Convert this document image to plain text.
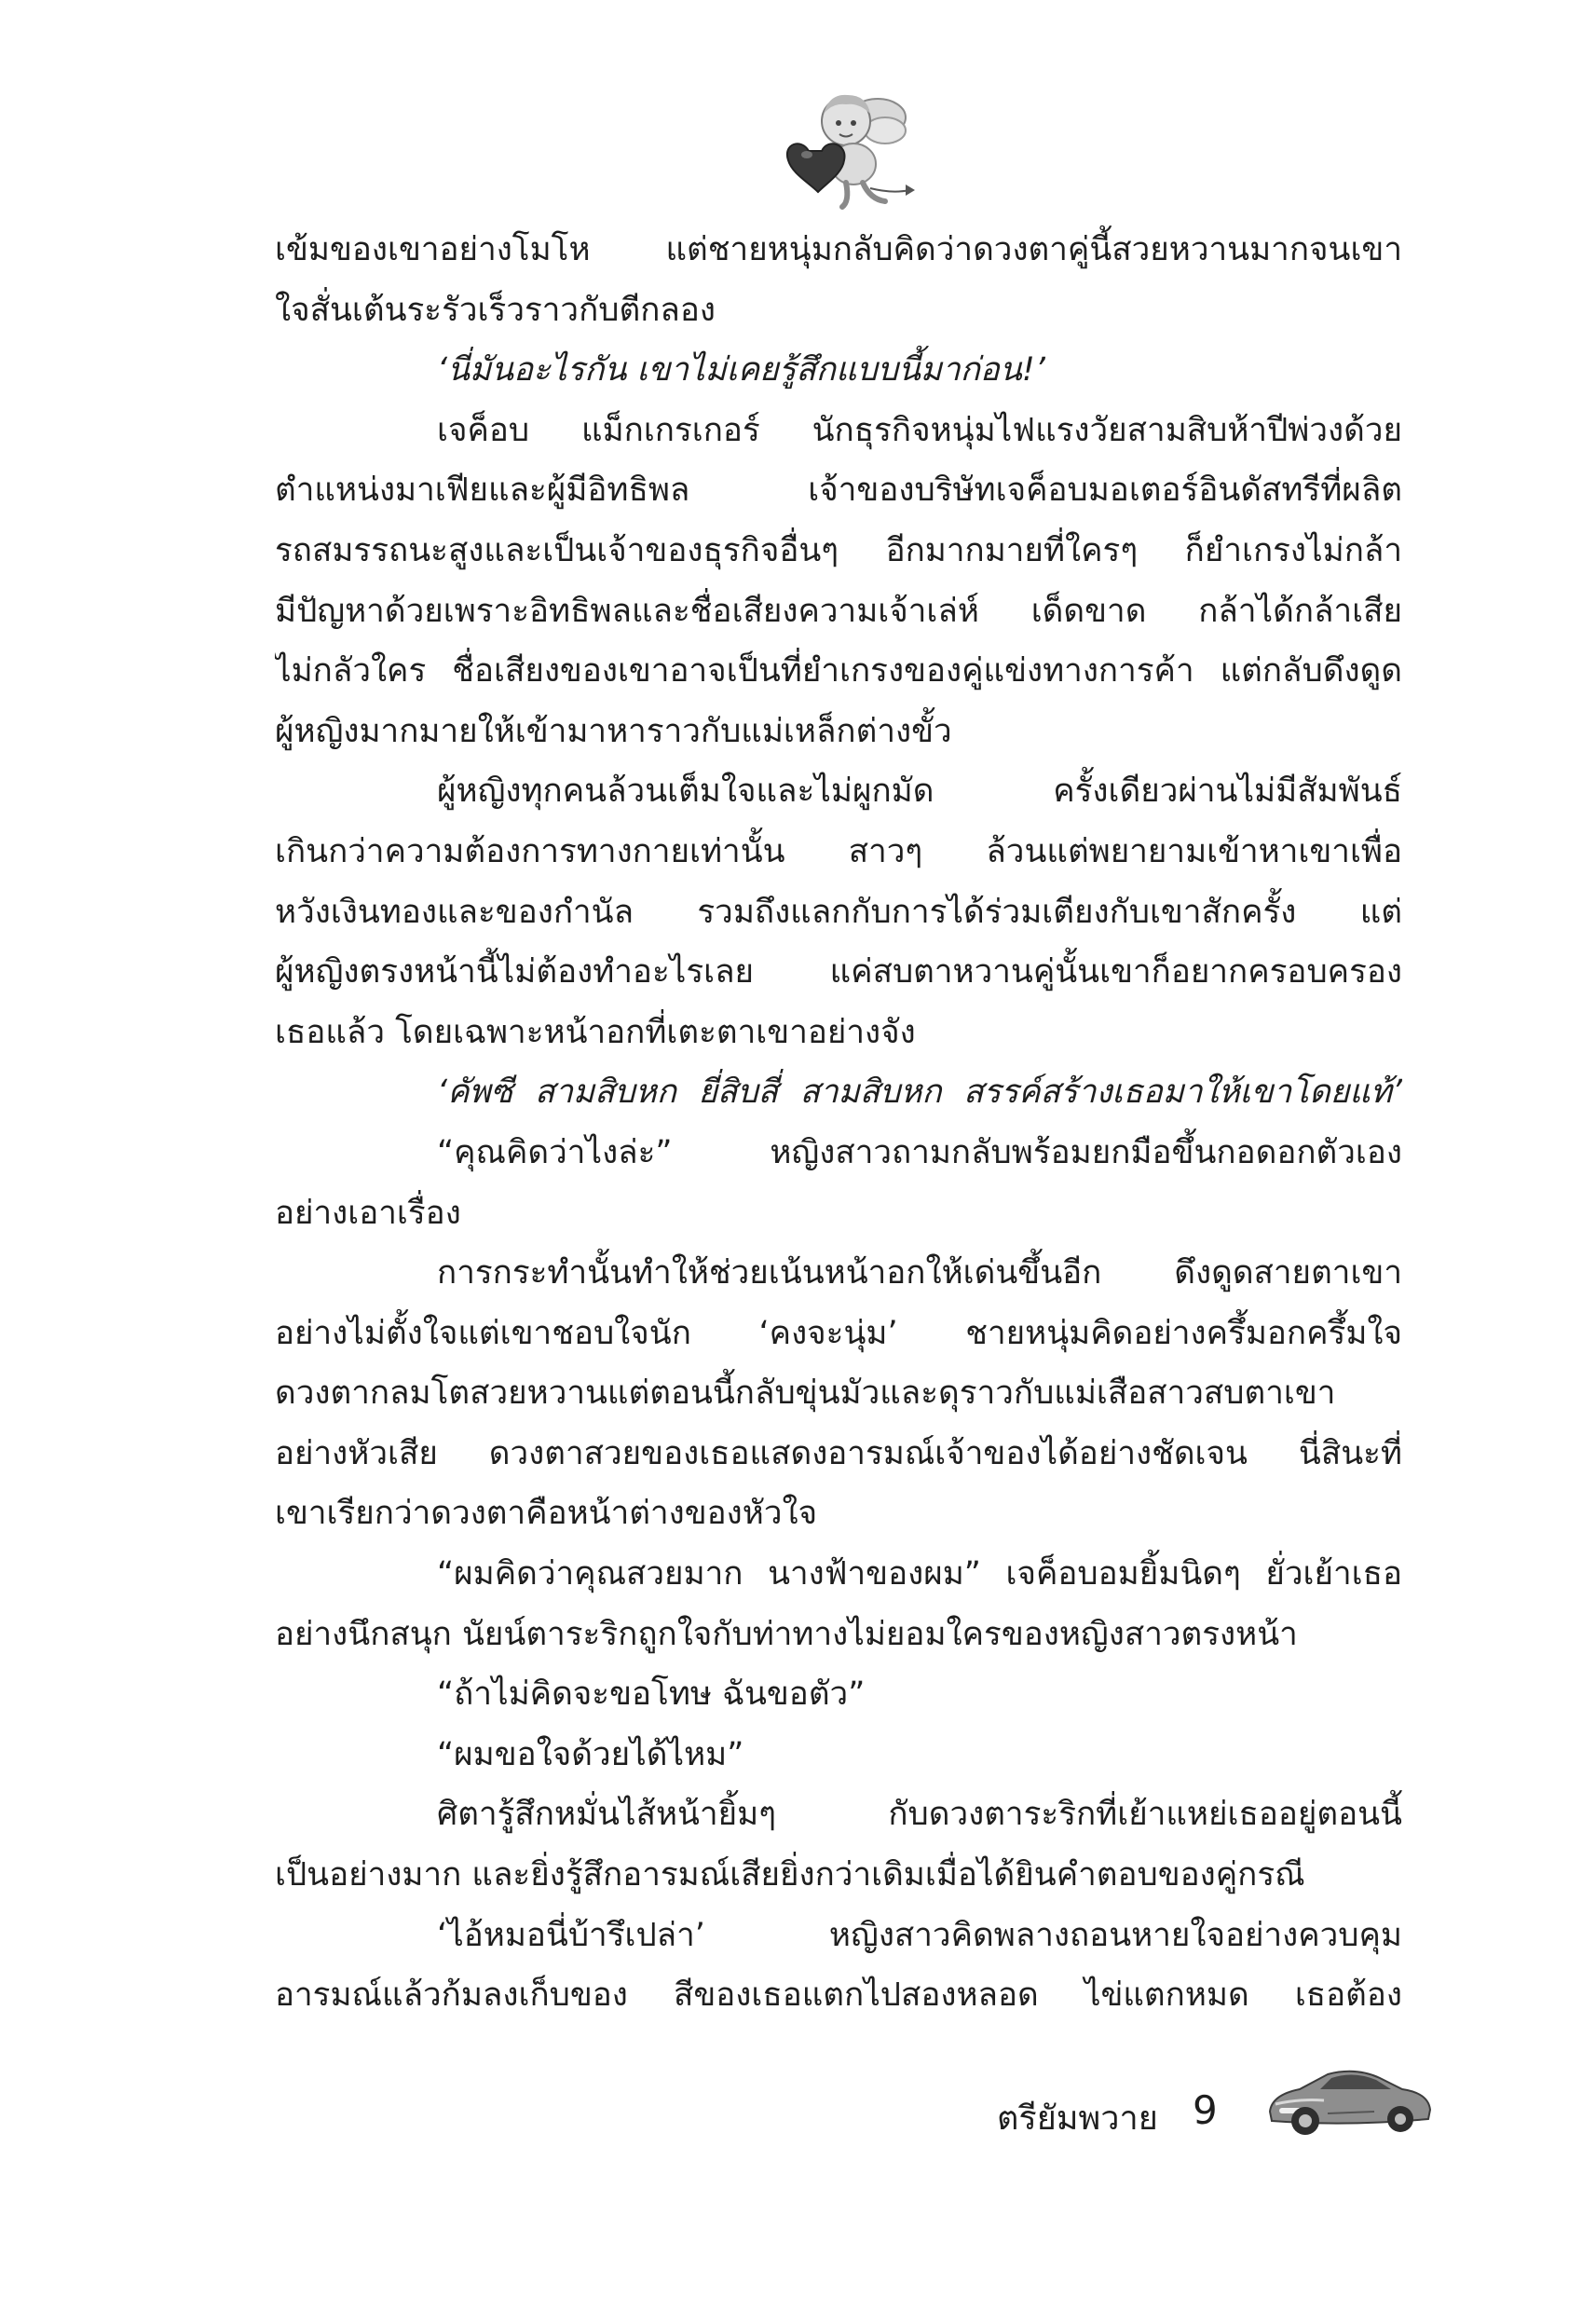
เข้มของเขาอย่างโมโห แต่ชายหนุ่มกลับคิดว่าดวงตาคู่นี้สวยหวานมากจนเขา
ใจสั่นเต้นระรัวเร็วราวกับตีกลอง
‘นี่มันอะไรกัน เขาไม่เคยรู้สึกแบบนี้มาก่อน!’
เจค็อบ แม็กเกรเกอร์ นักธุรกิจหนุ่มไฟแรงวัยสามสิบห้าปีพ่วงด้วย
ตำแหน่งมาเฟียและผู้มีอิทธิพล เจ้าของบริษัทเจค็อบมอเตอร์อินดัสทรีที่ผลิต
รถสมรรถนะสูงและเป็นเจ้าของธุรกิจอื่นๆ อีกมากมายที่ใครๆ ก็ยำเกรงไม่กล้า
มีปัญหาด้วยเพราะอิทธิพลและชื่อเสียงความเจ้าเล่ห์ เด็ดขาด กล้าได้กล้าเสีย
ไม่กลัวใคร ชื่อเสียงของเขาอาจเป็นที่ยำเกรงของคู่แข่งทางการค้า แต่กลับดึงดูด
ผู้หญิงมากมายให้เข้ามาหาราวกับแม่เหล็กต่างขั้ว
ผู้หญิงทุกคนล้วนเต็มใจและไม่ผูกมัด ครั้งเดียวผ่านไม่มีสัมพันธ์
เกินกว่าความต้องการทางกายเท่านั้น สาวๆ ล้วนแต่พยายามเข้าหาเขาเพื่อ
หวังเงินทองและของกำนัล รวมถึงแลกกับการได้ร่วมเตียงกับเขาสักครั้ง แต่
ผู้หญิงตรงหน้านี้ไม่ต้องทำอะไรเลย แค่สบตาหวานคู่นั้นเขาก็อยากครอบครอง
เธอแล้ว โดยเฉพาะหน้าอกที่เตะตาเขาอย่างจัง
‘คัพซี สามสิบหก ยี่สิบสี่ สามสิบหก สรรค์สร้างเธอมาให้เขาโดยแท้’
“คุณคิดว่าไงล่ะ” หญิงสาวถามกลับพร้อมยกมือขึ้นกอดอกตัวเอง
อย่างเอาเรื่อง
การกระทำนั้นทำให้ช่วยเน้นหน้าอกให้เด่นขึ้นอีก ดึงดูดสายตาเขา
อย่างไม่ตั้งใจแต่เขาชอบใจนัก ‘คงจะนุ่ม’ ชายหนุ่มคิดอย่างครึ้มอกครึ้มใจ
ดวงตากลมโตสวยหวานแต่ตอนนี้กลับขุ่นมัวและดุราวกับแม่เสือสาวสบตาเขา
อย่างหัวเสีย ดวงตาสวยของเธอแสดงอารมณ์เจ้าของได้อย่างชัดเจน นี่สินะที่
เขาเรียกว่าดวงตาคือหน้าต่างของหัวใจ
“ผมคิดว่าคุณสวยมาก นางฟ้าของผม” เจค็อบอมยิ้มนิดๆ ยั่วเย้าเธอ
อย่างนึกสนุก นัยน์ตาระริกถูกใจกับท่าทางไม่ยอมใครของหญิงสาวตรงหน้า
“ถ้าไม่คิดจะขอโทษ ฉันขอตัว”
“ผมขอใจด้วยได้ไหม”
ศิตารู้สึกหมั่นไส้หน้ายิ้มๆ กับดวงตาระริกที่เย้าแหย่เธออยู่ตอนนี้
เป็นอย่างมาก และยิ่งรู้สึกอารมณ์เสียยิ่งกว่าเดิมเมื่อได้ยินคำตอบของคู่กรณี
‘ไอ้หมอนี่บ้ารึเปล่า’ หญิงสาวคิดพลางถอนหายใจอย่างควบคุม
อารมณ์แล้วก้มลงเก็บของ สีของเธอแตกไปสองหลอด ไข่แตกหมด เธอต้อง
ตรียัมพวาย 9
